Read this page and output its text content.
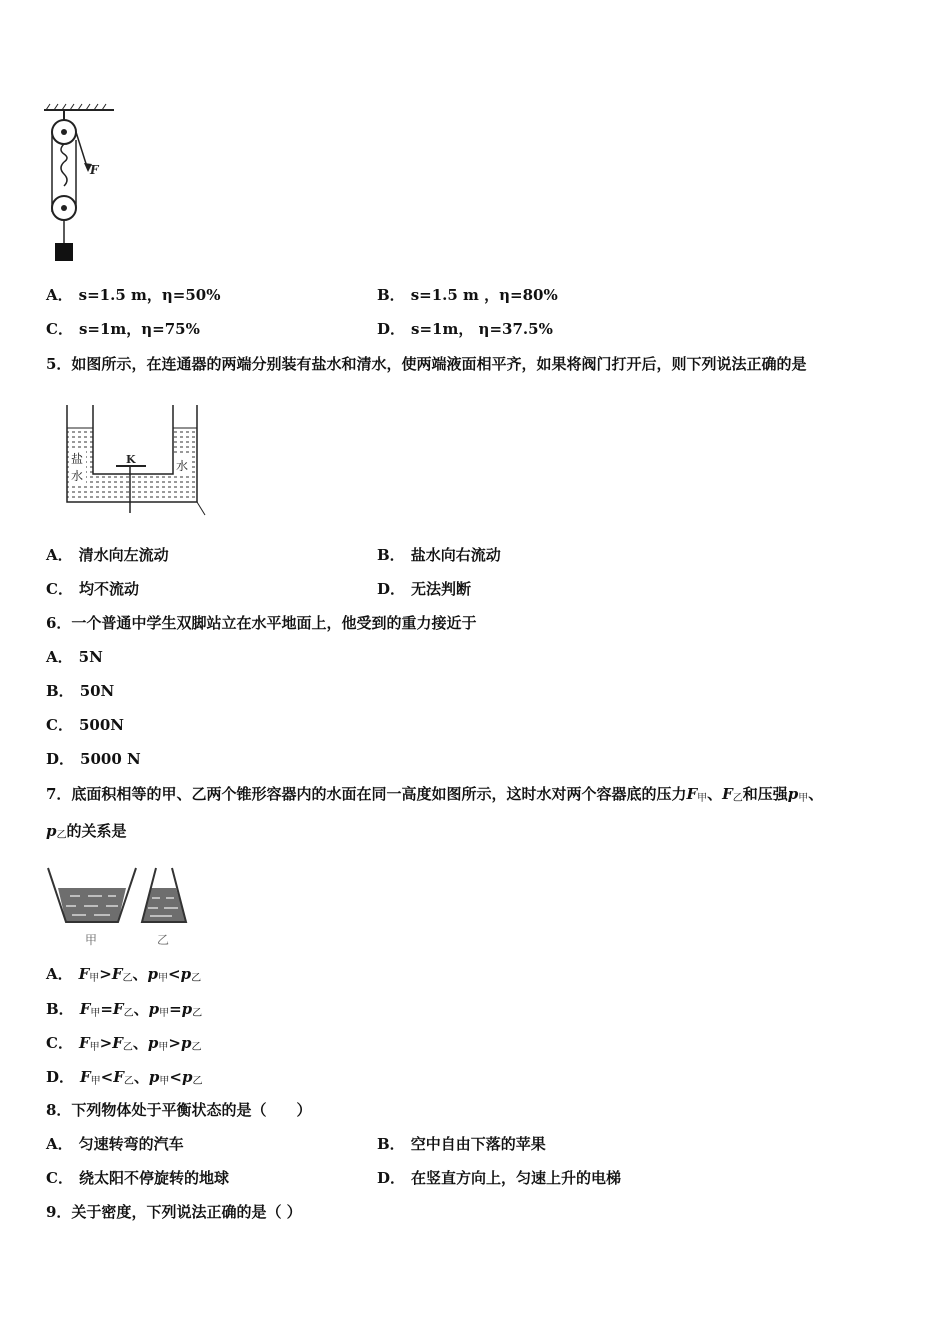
F
A． s=1.5 m，η=50%	B． s=1.5 m ，η=80%
C． s=1m，η=75%	D． s=1m， η=37.5%
5．如图所示，在连通器的两端分别装有盐水和清水，使两端液面相平齐，如果将阀门打开后，则下列说法正确的是
K
盐
水
水
A． 清水向左流动	B． 盐水向右流动
C． 均不流动	D． 无法判断
6．一个普通中学生双脚站立在水平地面上，他受到的重力接近于
A． 5N
B． 50N
C． 500N
D． 5000 N
7．底面积相等的甲、乙两个锥形容器内的水面在同一高度如图所示，这时水对两个容器底的压力$F_甲$、$F_乙$和压强$p_甲$、
$p_乙$的关系是
甲	乙
A． $F_甲>F_乙$、$p_甲<p_乙$
B． $F_甲=F_乙$、$p_甲=p_乙$
C． $F_甲>F_乙$、$p_甲>p_乙$
D． $F_甲<F_乙$、$p_甲<p_乙$
8．下列物体处于平衡状态的是（　　）
A． 匀速转弯的汽车	B． 空中自由下落的苹果
C． 绕太阳不停旋转的地球	D． 在竖直方向上，匀速上升的电梯
9．关于密度，下列说法正确的是（ ）
